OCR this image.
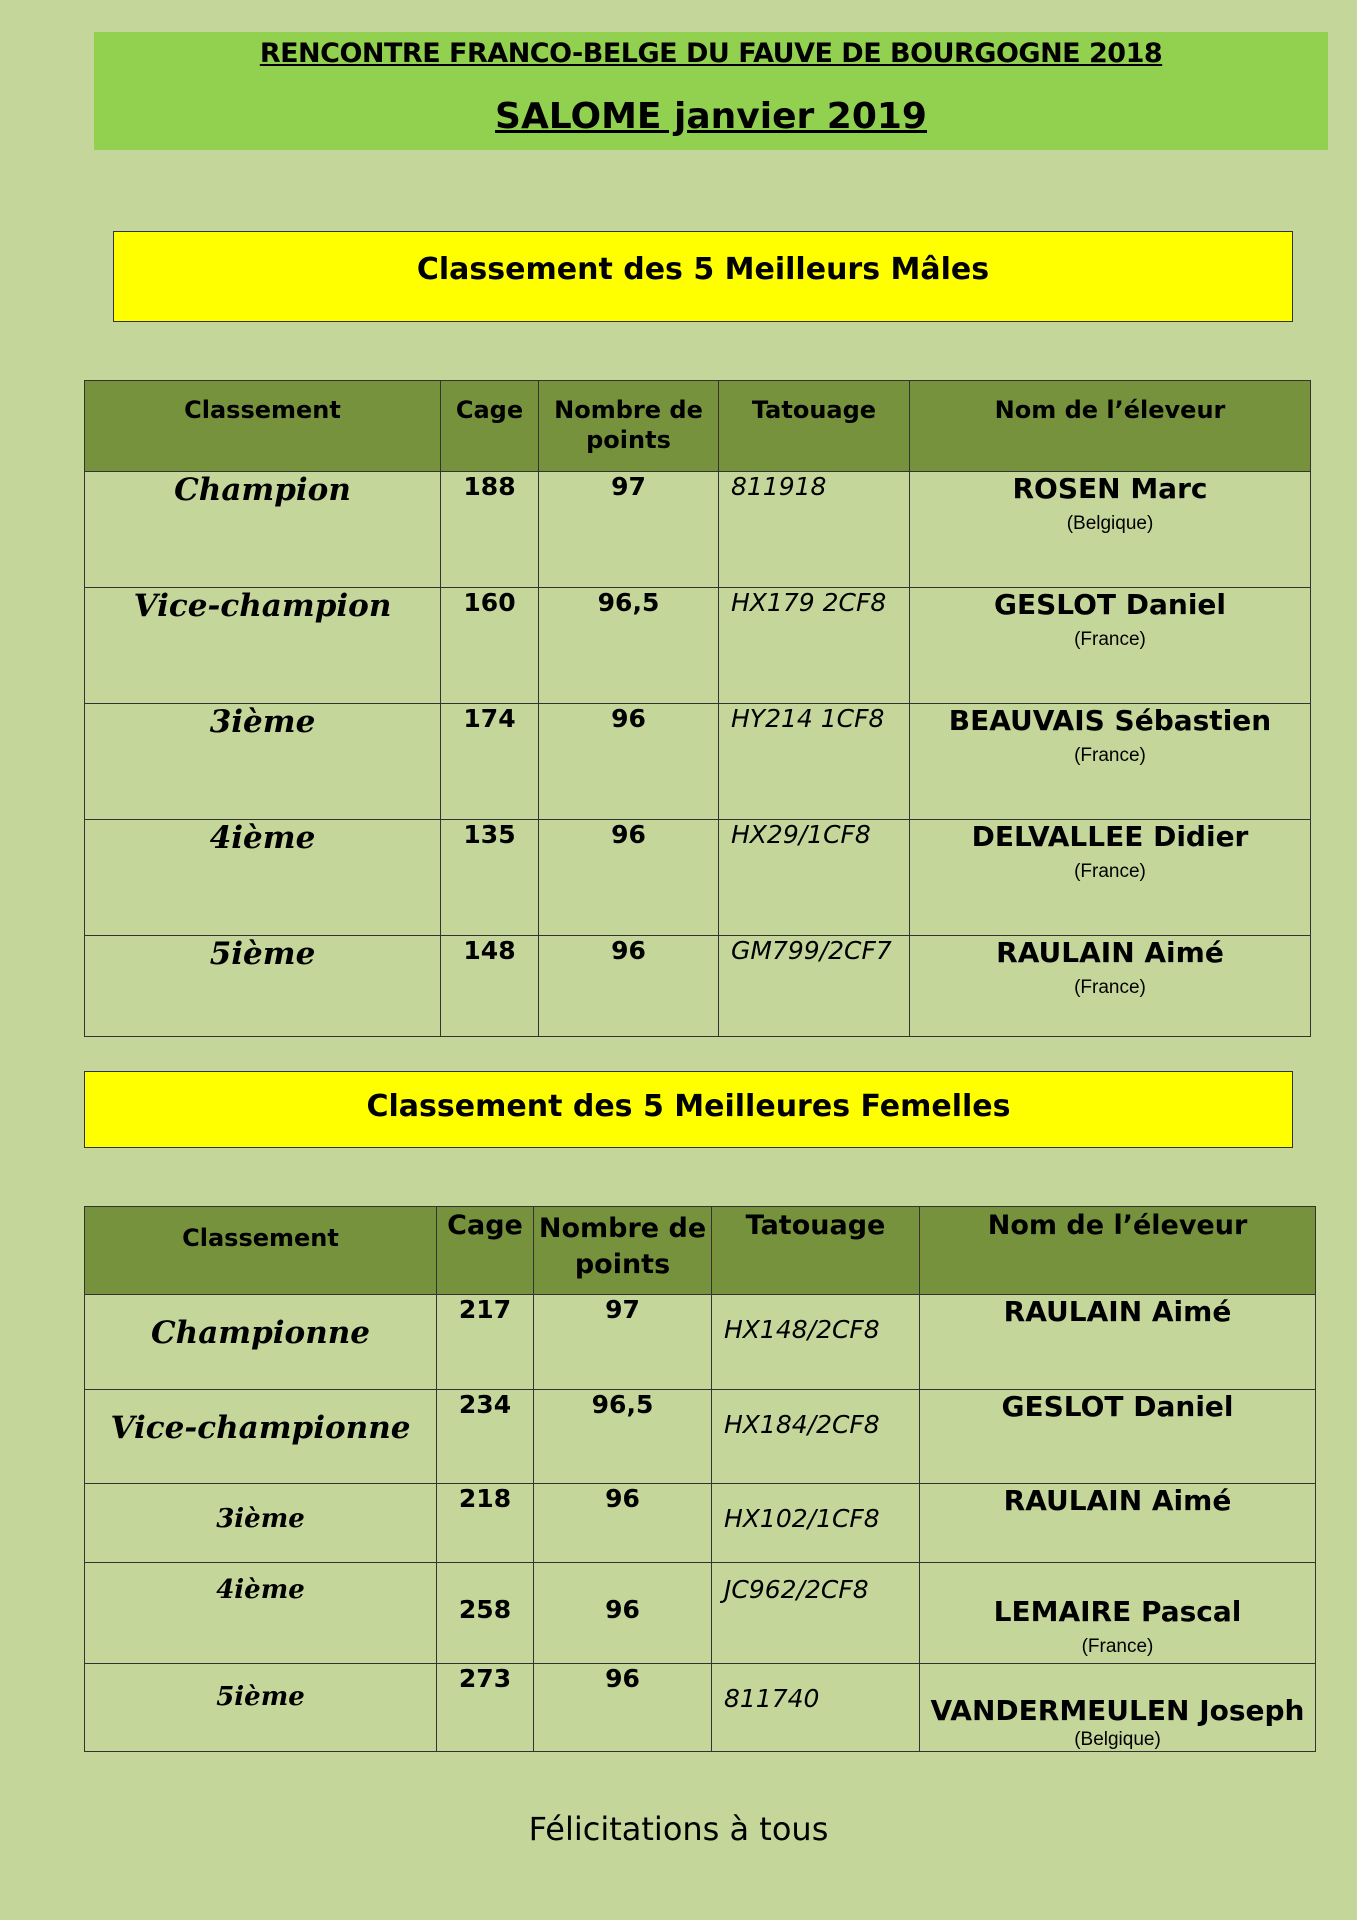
RENCONTRE FRANCO-BELGE DU FAUVE DE BOURGOGNE 2018
SALOME janvier 2019
Classement des 5 Meilleurs Mâles
Classement	Cage	Nombre de points	Tatouage	Nom de l’éleveur

Champion	188	97	811918	ROSEN Marc
(Belgique)

Vice-champion	160	96,5	HX179 2CF8	GESLOT Daniel
(France)

3ième	174	96	HY214 1CF8	BEAUVAIS Sébastien
(France)

4ième	135	96	HX29/1CF8	DELVALLEE Didier
(France)

5ième	148	96	GM799/2CF7	RAULAIN Aimé
(France)
Classement des 5 Meilleures Femelles
Classement	Cage	Nombre de points	Tatouage	Nom de l’éleveur

Championne	217	97	HX148/2CF8	RAULAIN Aimé

Vice-championne	234	96,5	HX184/2CF8	GESLOT Daniel

3ième	218	96	HX102/1CF8	RAULAIN Aimé

4ième	258	96	JC962/2CF8	LEMAIRE Pascal
(France)

5ième	273	96	811740	VANDERMEULEN Joseph
(Belgique)
Félicitations à tous
